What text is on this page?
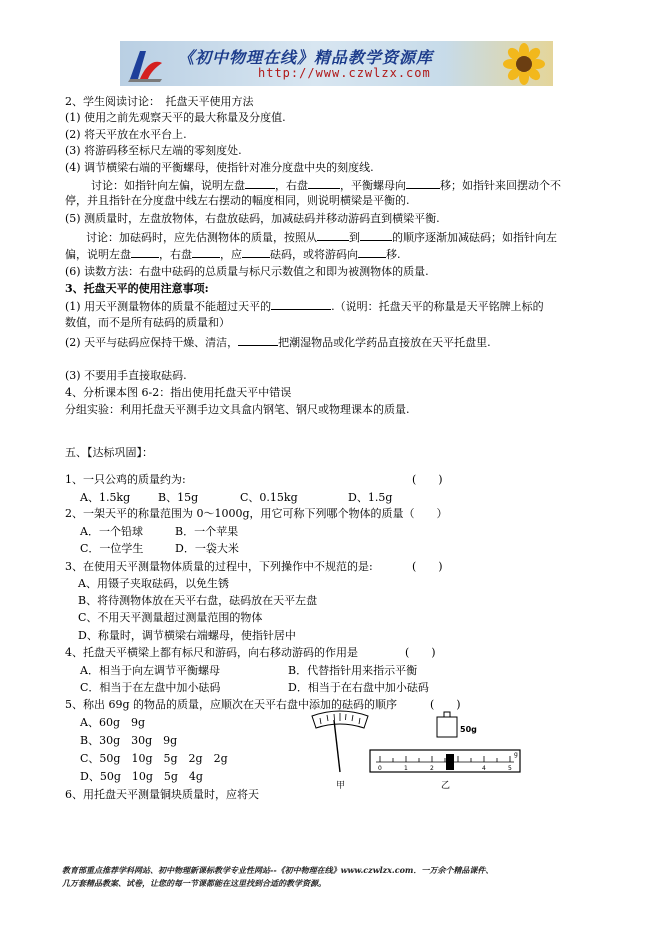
《初中物理在线》精品教学资源库
http://www.czwlzx.com
2、学生阅读讨论：　托盘天平使用方法
(1) 使用之前先观察天平的最大称量及分度值.
(2) 将天平放在水平台上.
(3) 将游码移至标尺左端的零刻度处.
(4) 调节横梁右端的平衡螺母，使指针对准分度盘中央的刻度线.
讨论：如指针向左偏，说明左盘	，右盘	，平衡螺母向	移；如指针来回摆动个不
停，并且指针在分度盘中线左右摆动的幅度相同，则说明横梁是平衡的.
(5) 测质量时，左盘放物体，右盘放砝码，加减砝码并移动游码直到横梁平衡.
讨论：加砝码时，应先估测物体的质量，按照从	到	的顺序逐渐加减砝码；如指针向左
偏，说明左盘	，右盘	，应	砝码，或将游码向	移.
(6) 读数方法：右盘中砝码的总质量与标尺示数值之和即为被测物体的质量.
3、托盘天平的使用注意事项:
(1) 用天平测量物体的质量不能超过天平的	.（说明：托盘天平的称量是天平铭牌上标的
数值，而不是所有砝码的质量和）
(2) 天平与砝码应保持干燥、清洁，	把潮湿物品或化学药品直接放在天平托盘里.
(3) 不要用手直接取砝码.
4、分析课本图 6-2：指出使用托盘天平中错误
分组实验：利用托盘天平测手边文具盒内钢笔、钢尺或物理课本的质量.
五、【达标巩固】：
1、一只公鸡的质量约为:	(　　)
A、1.5kg	B、15g	C、0.15kg	D、1.5g
2、一架天平的称量范围为 0～1000g，用它可称下列哪个物体的质量（　　）
A．一个铅球	B．一个苹果
C．一位学生	D．一袋大米
3、在使用天平测量物体质量的过程中，下列操作中不规范的是:	(　　)
A、用镊子夹取砝码，以免生锈
B、将待测物体放在天平右盘，砝码放在天平左盘
C、不用天平测量超过测量范围的物体
D、称量时，调节横梁右端螺母，使指针居中
4、托盘天平横梁上都有标尺和游码，向右移动游码的作用是	(　　)
A．相当于向左调节平衡螺母	B．代替指针用来指示平衡
C．相当于在左盘中加小砝码	D．相当于在右盘中加小砝码
5、称出 69g 的物品的质量，应顺次在天平右盘中添加的砝码的顺序	(　　)
A、60g　9g
B、30g　30g　9g
C、50g　10g　5g　2g　2g
D、50g　10g　5g　4g
6、用托盘天平测量铜块质量时，应将天
甲
50g
0	1	2	3	4	5
g
乙
教育部重点推荐学科网站、初中物理新课标教学专业性网站--《初中物理在线》www.czwlzx.com．一万余个精品课件、
几万套精品教案、试卷，让您的每一节课都能在这里找到合适的教学资源。
